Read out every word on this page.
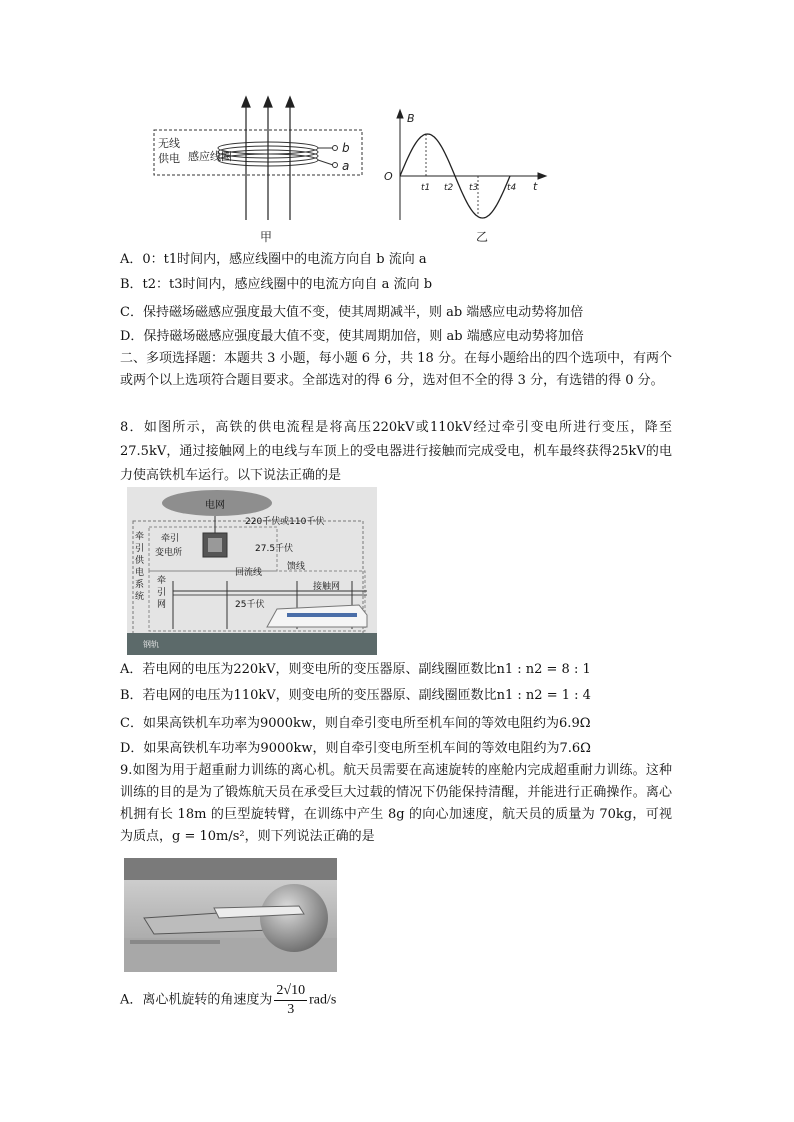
无线
供电 感应线圈
b
a
甲
B
O
t
t1 t2 t3	t4
乙
A．0：t1时间内，感应线圈中的电流方向自 b 流向 a
B．t2：t3时间内，感应线圈中的电流方向自 a 流向 b
C．保持磁场磁感应强度最大值不变，使其周期减半，则 ab 端感应电动势将加倍
D．保持磁场磁感应强度最大值不变，使其周期加倍，则 ab 端感应电动势将加倍
二、多项选择题：本题共 3 小题，每小题 6 分，共 18 分。在每小题给出的四个选项中，有两个或两个以上选项符合题目要求。全部选对的得 6 分，选对但不全的得 3 分，有选错的得 0 分。
8．如图所示，高铁的供电流程是将高压220kV或110kV经过牵引变电所进行变压，降至27.5kV，通过接触网上的电线与车顶上的受电器进行接触而完成受电，机车最终获得25kV的电力使高铁机车运行。以下说法正确的是
电网
220千伏或110千伏
牵引
变电所	27.5千伏
馈线
回流线
牵引供电系统
牵引网
接触网
25千伏
钢轨
A．若电网的电压为220kV，则变电所的变压器原、副线圈匝数比n1 : n2 = 8 : 1
B．若电网的电压为110kV，则变电所的变压器原、副线圈匝数比n1 : n2 = 1 : 4
C．如果高铁机车功率为9000kw，则自牵引变电所至机车间的等效电阻约为6.9Ω
D．如果高铁机车功率为9000kw，则自牵引变电所至机车间的等效电阻约为7.6Ω
9.如图为用于超重耐力训练的离心机。航天员需要在高速旋转的座舱内完成超重耐力训练。这种训练的目的是为了锻炼航天员在承受巨大过载的情况下仍能保持清醒，并能进行正确操作。离心机拥有长 18m 的巨型旋转臂，在训练中产生 8g 的向心加速度，航天员的质量为 70kg，可视为质点，g = 10m/s²，则下列说法正确的是
A．离心机旋转的角速度为 $\frac{2√10}{3} rad/s$
